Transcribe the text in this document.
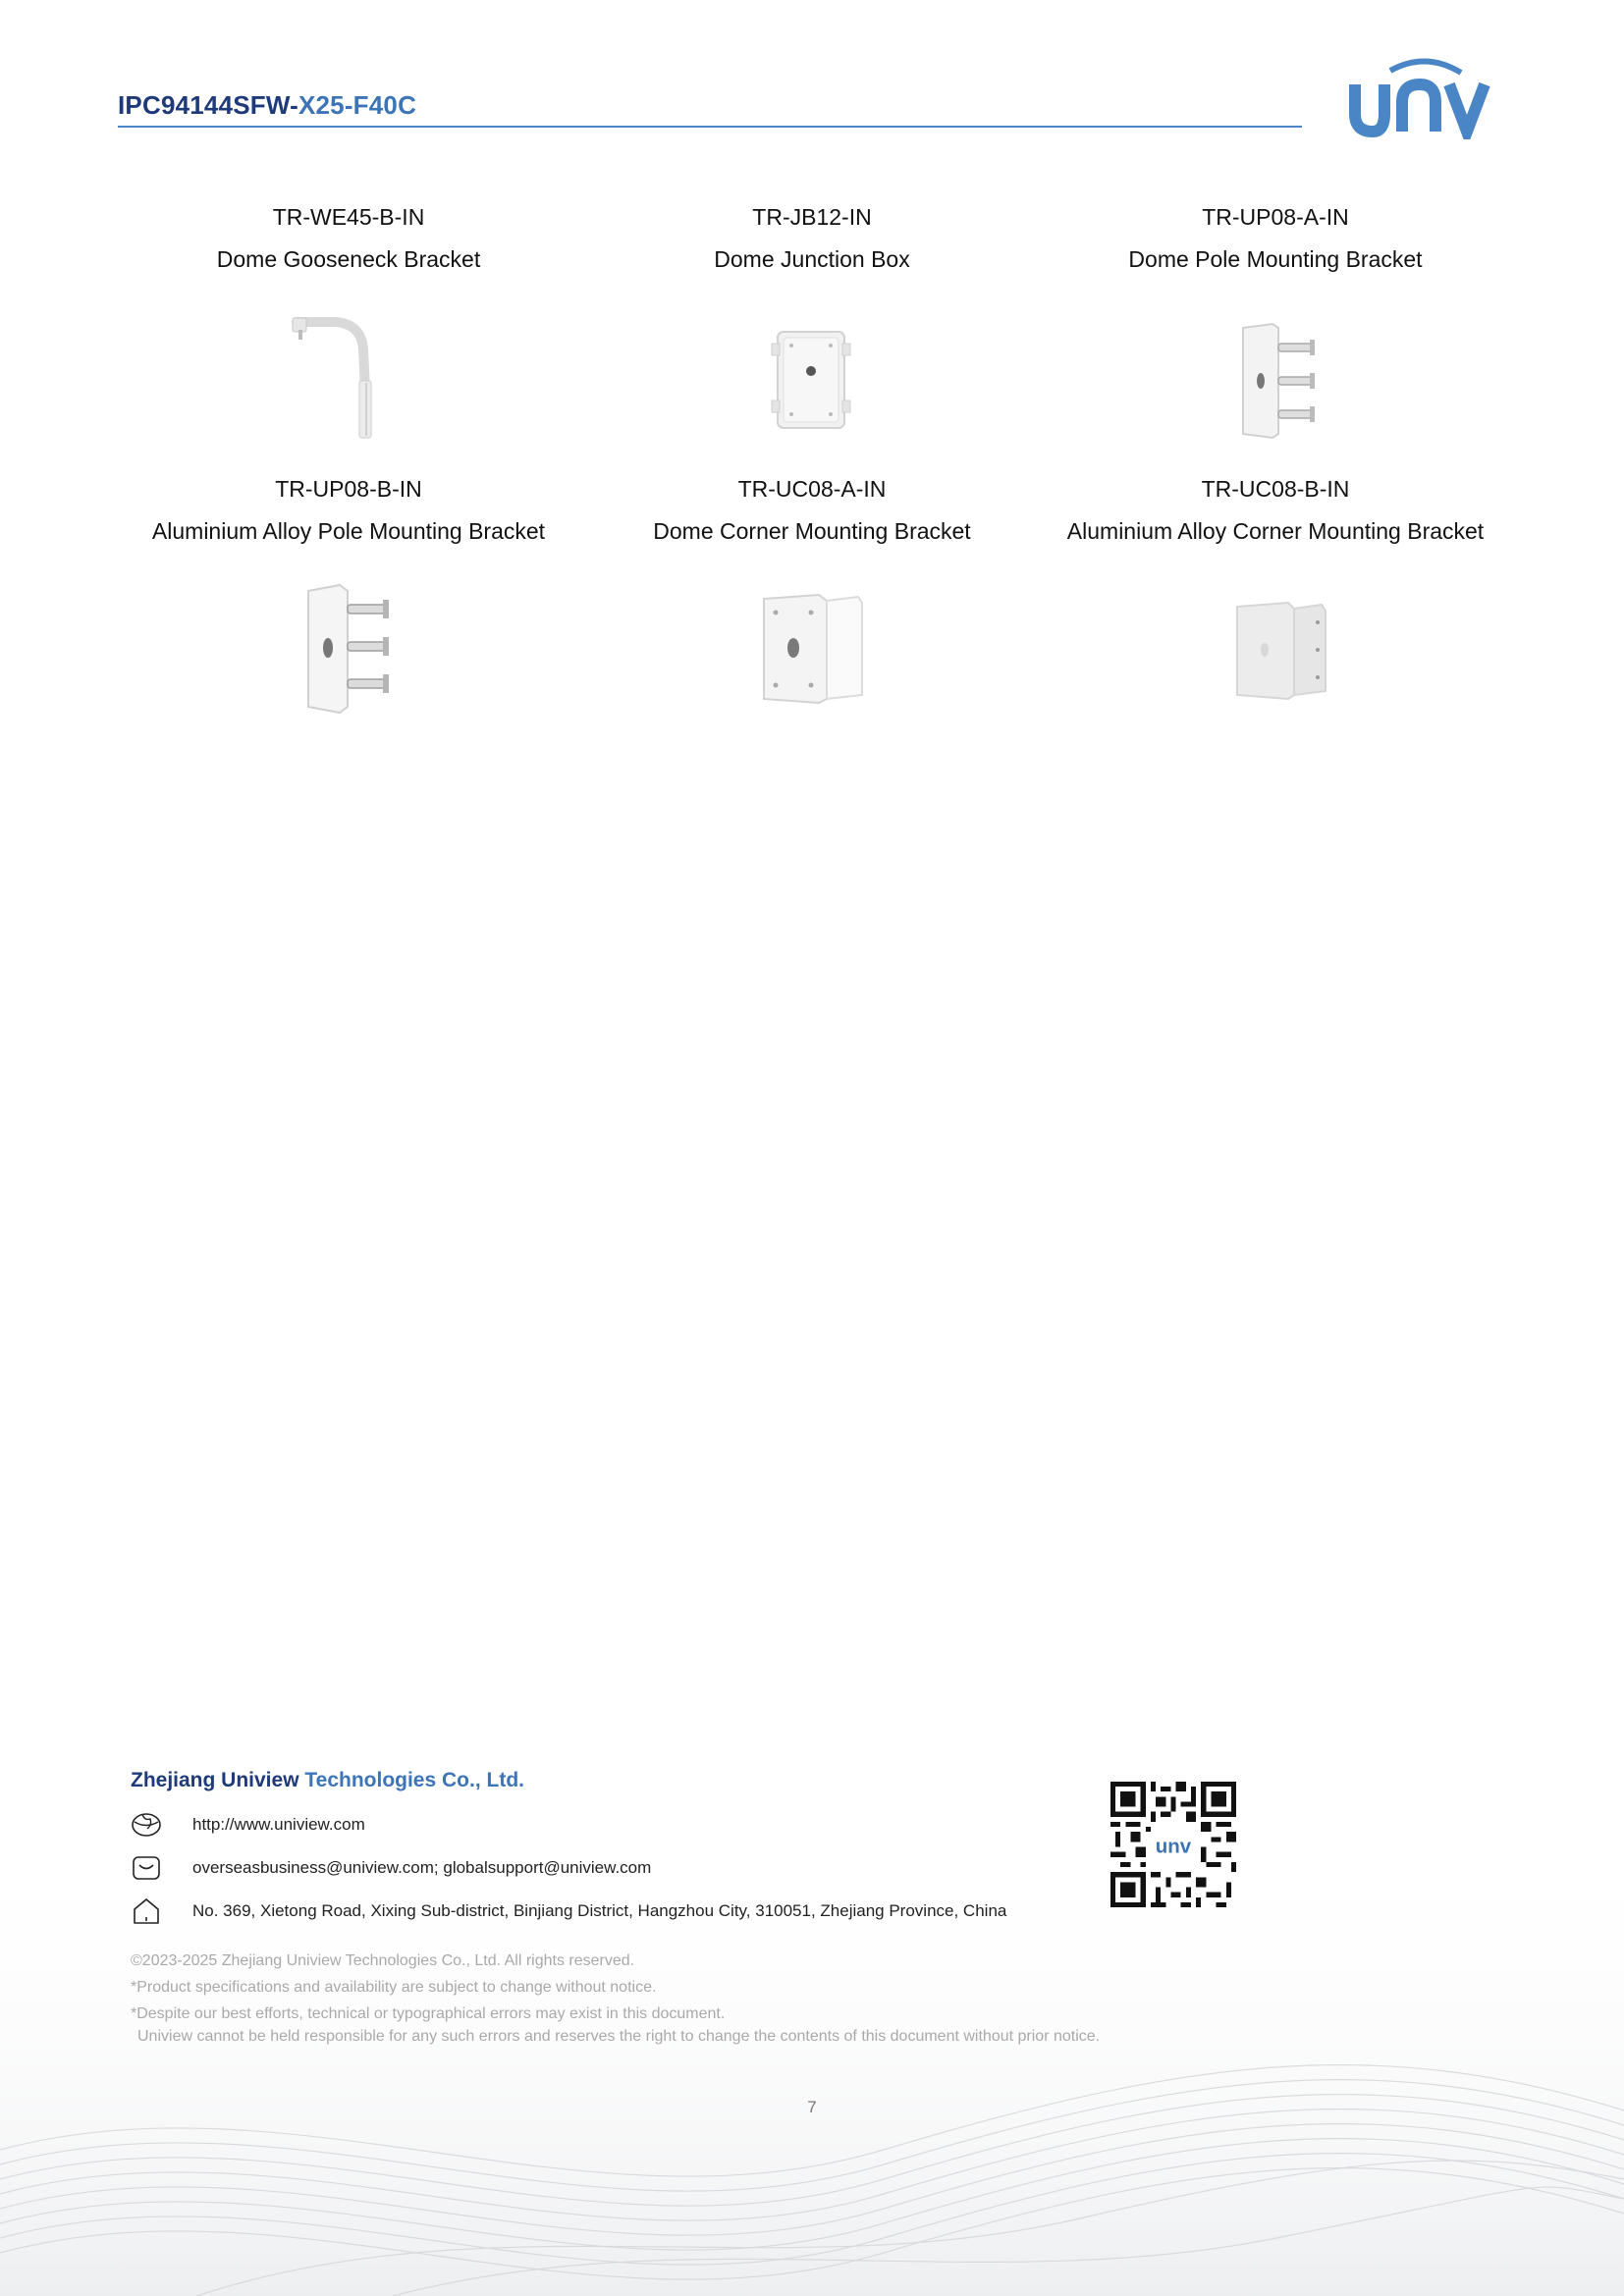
IPC94144SFW-X25-F40C
TR-WE45-B-IN
Dome Gooseneck Bracket
TR-JB12-IN
Dome Junction Box
TR-UP08-A-IN
Dome Pole Mounting Bracket
TR-UP08-B-IN
Aluminium Alloy Pole Mounting Bracket
TR-UC08-A-IN
Dome Corner Mounting Bracket
TR-UC08-B-IN
Aluminium Alloy Corner Mounting Bracket
Zhejiang Uniview Technologies Co., Ltd.
http://www.uniview.com
overseasbusiness@uniview.com; globalsupport@uniview.com
No. 369, Xietong Road, Xixing Sub-district, Binjiang District, Hangzhou City, 310051, Zhejiang Province, China
unv
©2023-2025 Zhejiang Uniview Technologies Co., Ltd. All rights reserved.
*Product specifications and availability are subject to change without notice.
*Despite our best efforts, technical or typographical errors may exist in this document.
Uniview cannot be held responsible for any such errors and reserves the right to change the contents of this document without prior notice.
7
